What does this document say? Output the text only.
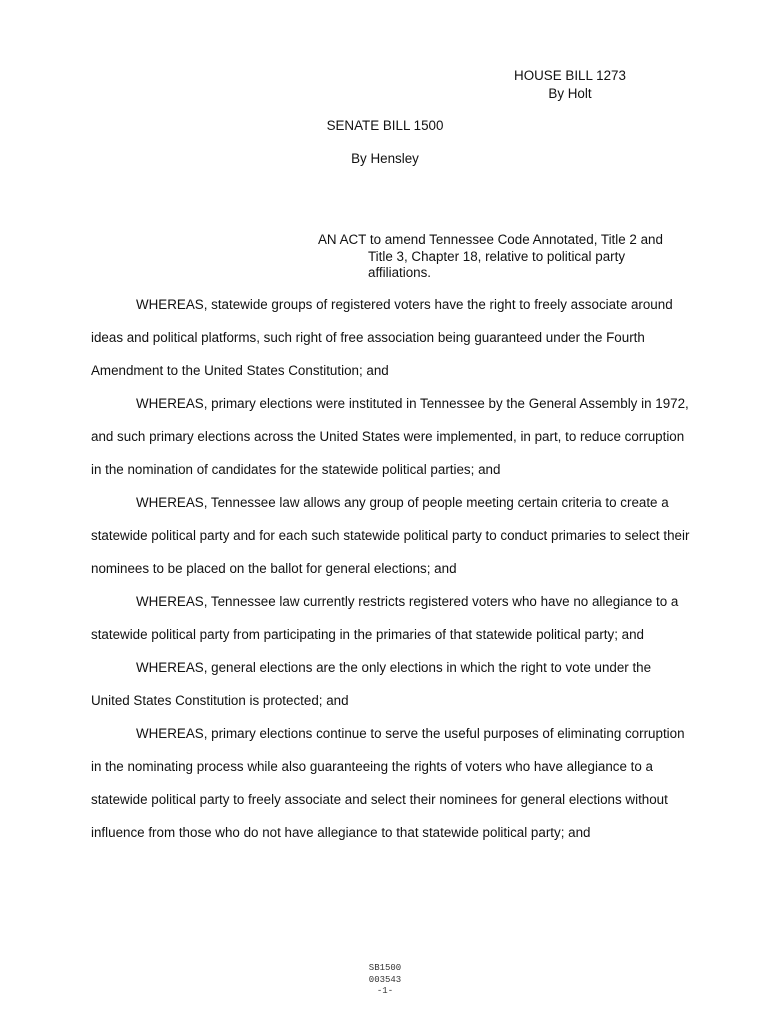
HOUSE BILL 1273
By Holt
SENATE BILL 1500
By Hensley
AN ACT to amend Tennessee Code Annotated, Title 2 and
Title 3, Chapter 18, relative to political party
affiliations.

WHEREAS, statewide groups of registered voters have the right to freely associate around ideas and political platforms, such right of free association being guaranteed under the Fourth Amendment to the United States Constitution; and

WHEREAS, primary elections were instituted in Tennessee by the General Assembly in 1972, and such primary elections across the United States were implemented, in part, to reduce corruption in the nomination of candidates for the statewide political parties; and

WHEREAS, Tennessee law allows any group of people meeting certain criteria to create a statewide political party and for each such statewide political party to conduct primaries to select their nominees to be placed on the ballot for general elections; and

WHEREAS, Tennessee law currently restricts registered voters who have no allegiance to a statewide political party from participating in the primaries of that statewide political party; and

WHEREAS, general elections are the only elections in which the right to vote under the United States Constitution is protected; and

WHEREAS, primary elections continue to serve the useful purposes of eliminating corruption in the nominating process while also guaranteeing the rights of voters who have allegiance to a statewide political party to freely associate and select their nominees for general elections without influence from those who do not have allegiance to that statewide political party; and

SB1500
003543
-1-
